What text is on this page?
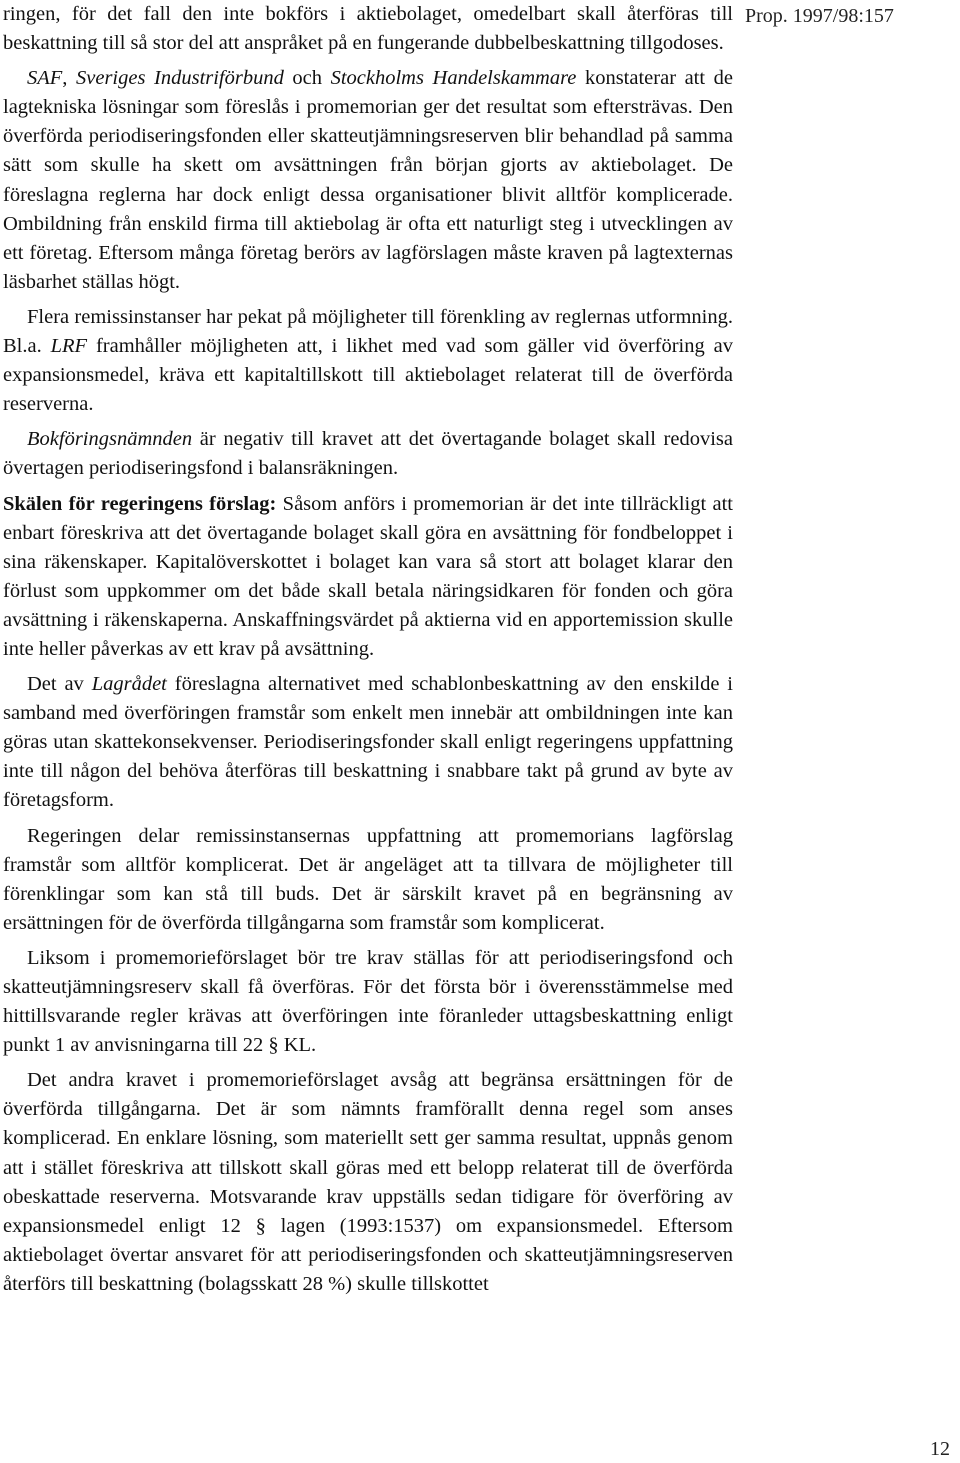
Prop. 1997/98:157

ringen, för det fall den inte bokförs i aktiebolaget, omedelbart skall återföras till beskattning till så stor del att anspråket på en fungerande dubbelbeskattning tillgodoses.

SAF, Sveriges Industriförbund och Stockholms Handelskammare konstaterar att de lagtekniska lösningar som föreslås i promemorian ger det resultat som eftersträvas. Den överförda periodiseringsfonden eller skatteutjämningsreserven blir behandlad på samma sätt som skulle ha skett om avsättningen från början gjorts av aktiebolaget. De föreslagna reglerna har dock enligt dessa organisationer blivit alltför komplicerade. Ombildning från enskild firma till aktiebolag är ofta ett naturligt steg i utvecklingen av ett företag. Eftersom många företag berörs av lagförslagen måste kraven på lagtexternas läsbarhet ställas högt.

Flera remissinstanser har pekat på möjligheter till förenkling av reglernas utformning. Bl.a. LRF framhåller möjligheten att, i likhet med vad som gäller vid överföring av expansionsmedel, kräva ett kapitaltillskott till aktiebolaget relaterat till de överförda reserverna.

Bokföringsnämnden är negativ till kravet att det övertagande bolaget skall redovisa övertagen periodiseringsfond i balansräkningen.

Skälen för regeringens förslag: Såsom anförs i promemorian är det inte tillräckligt att enbart föreskriva att det övertagande bolaget skall göra en avsättning för fondbeloppet i sina räkenskaper. Kapitalöverskottet i bolaget kan vara så stort att bolaget klarar den förlust som uppkommer om det både skall betala näringsidkaren för fonden och göra avsättning i räkenskaperna. Anskaffningsvärdet på aktierna vid en apportemission skulle inte heller påverkas av ett krav på avsättning.

Det av Lagrådet föreslagna alternativet med schablonbeskattning av den enskilde i samband med överföringen framstår som enkelt men innebär att ombildningen inte kan göras utan skattekonsekvenser. Periodiseringsfonder skall enligt regeringens uppfattning inte till någon del behöva återföras till beskattning i snabbare takt på grund av byte av företagsform.

Regeringen delar remissinstansernas uppfattning att promemorians lagförslag framstår som alltför komplicerat. Det är angeläget att ta tillvara de möjligheter till förenklingar som kan stå till buds. Det är särskilt kravet på en begränsning av ersättningen för de överförda tillgångarna som framstår som komplicerat.

Liksom i promemorieförslaget bör tre krav ställas för att periodiseringsfond och skatteutjämningsreserv skall få överföras. För det första bör i överensstämmelse med hittillsvarande regler krävas att överföringen inte föranleder uttagsbeskattning enligt punkt 1 av anvisningarna till 22 § KL.

Det andra kravet i promemorieförslaget avsåg att begränsa ersättningen för de överförda tillgångarna. Det är som nämnts framförallt denna regel som anses komplicerad. En enklare lösning, som materiellt sett ger samma resultat, uppnås genom att i stället föreskriva att tillskott skall göras med ett belopp relaterat till de överförda obeskattade reserverna. Motsvarande krav uppställs sedan tidigare för överföring av expansionsmedel enligt 12 § lagen (1993:1537) om expansionsmedel. Eftersom aktiebolaget övertar ansvaret för att periodiseringsfonden och skatteutjämningsreserven återförs till beskattning (bolagsskatt 28 %) skulle tillskottet

12
